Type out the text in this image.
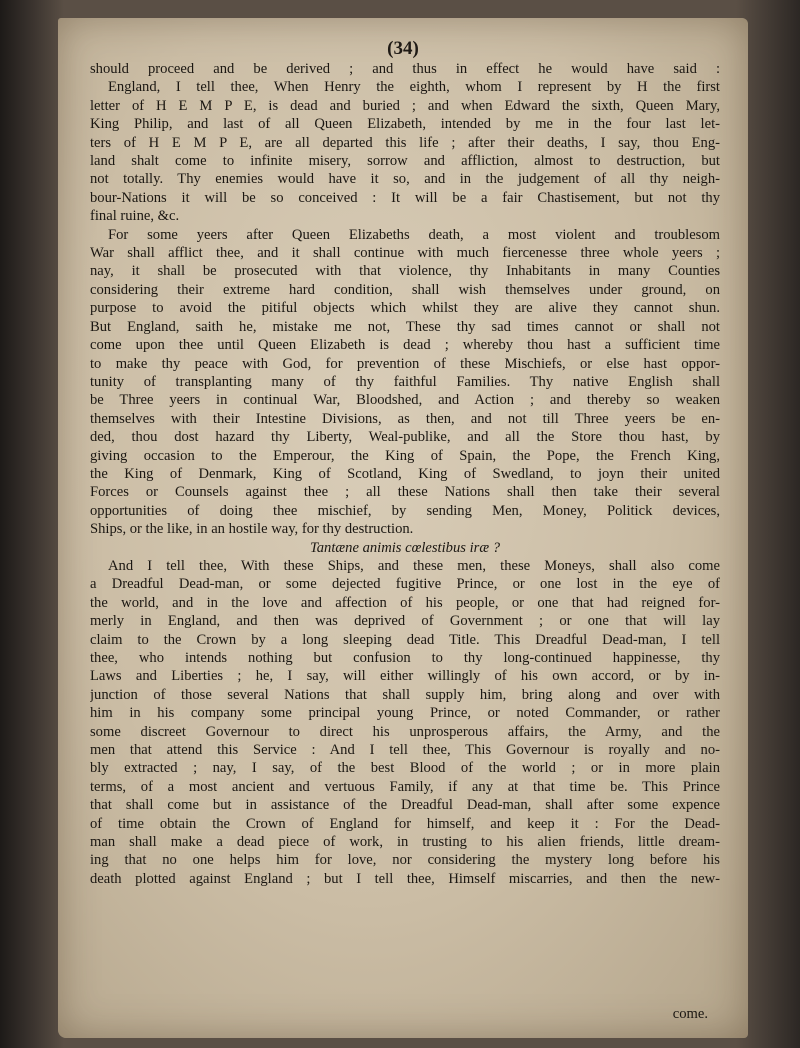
(34)
should proceed and be derived ; and thus in effect he would have said :
England, I tell thee, When Henry the eighth, whom I represent by H the first
letter of H E M P E, is dead and buried ; and when Edward the sixth, Queen Mary,
King Philip, and last of all Queen Elizabeth, intended by me in the four last let-
ters of H E M P E, are all departed this life ; after their deaths, I say, thou Eng-
land shalt come to infinite misery, sorrow and affliction, almost to destruction, but
not totally. Thy enemies would have it so, and in the judgement of all thy neigh-
bour-Nations it will be so conceived : It will be a fair Chastisement, but not thy
final ruine, &c.
For some yeers after Queen Elizabeths death, a most violent and troublesom
War shall afflict thee, and it shall continue with much fiercenesse three whole yeers ;
nay, it shall be prosecuted with that violence, thy Inhabitants in many Counties
considering their extreme hard condition, shall wish themselves under ground, on
purpose to avoid the pitiful objects which whilst they are alive they cannot shun.
But England, saith he, mistake me not, These thy sad times cannot or shall not
come upon thee until Queen Elizabeth is dead ; whereby thou hast a sufficient time
to make thy peace with God, for prevention of these Mischiefs, or else hast oppor-
tunity of transplanting many of thy faithful Families. Thy native English shall
be Three yeers in continual War, Bloodshed, and Action ; and thereby so weaken
themselves with their Intestine Divisions, as then, and not till Three yeers be en-
ded, thou dost hazard thy Liberty, Weal-publike, and all the Store thou hast, by
giving occasion to the Emperour, the King of Spain, the Pope, the French King,
the King of Denmark, King of Scotland, King of Swedland, to joyn their united
Forces or Counsels against thee ; all these Nations shall then take their several
opportunities of doing thee mischief, by sending Men, Money, Politick devices,
Ships, or the like, in an hostile way, for thy destruction.
Tantæne animis cœlestibus iræ ?
And I tell thee, With these Ships, and these men, these Moneys, shall also come
a Dreadful Dead-man, or some dejected fugitive Prince, or one lost in the eye of
the world, and in the love and affection of his people, or one that had reigned for-
merly in England, and then was deprived of Government ; or one that will lay
claim to the Crown by a long sleeping dead Title. This Dreadful Dead-man, I tell
thee, who intends nothing but confusion to thy long-continued happinesse, thy
Laws and Liberties ; he, I say, will either willingly of his own accord, or by in-
junction of those several Nations that shall supply him, bring along and over with
him in his company some principal young Prince, or noted Commander, or rather
some discreet Governour to direct his unprosperous affairs, the Army, and the
men that attend this Service : And I tell thee, This Governour is royally and no-
bly extracted ; nay, I say, of the best Blood of the world ; or in more plain
terms, of a most ancient and vertuous Family, if any at that time be. This Prince
that shall come but in assistance of the Dreadful Dead-man, shall after some expence
of time obtain the Crown of England for himself, and keep it : For the Dead-
man shall make a dead piece of work, in trusting to his alien friends, little dream-
ing that no one helps him for love, nor considering the mystery long before his
death plotted against England ; but I tell thee, Himself miscarries, and then the new-
come.
